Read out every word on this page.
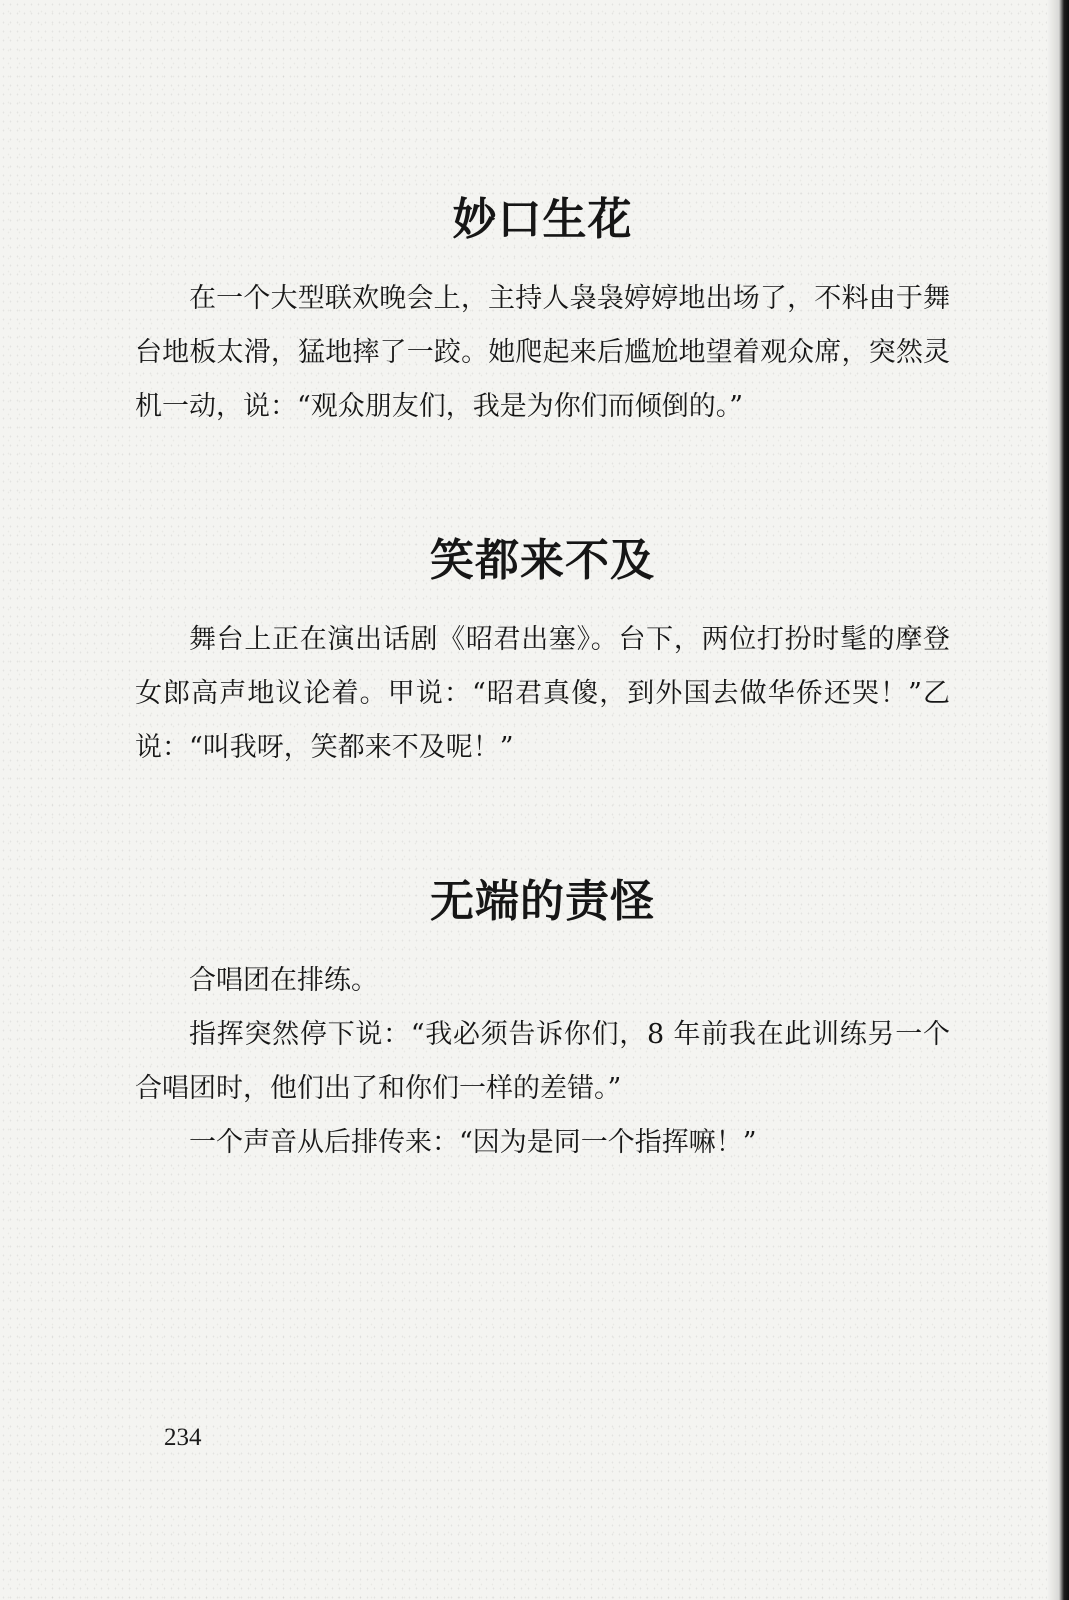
妙口生花

在一个大型联欢晚会上，主持人袅袅婷婷地出场了，不料由于舞台地板太滑，猛地摔了一跤。她爬起来后尴尬地望着观众席，突然灵机一动，说：“观众朋友们，我是为你们而倾倒的。”

笑都来不及

舞台上正在演出话剧《昭君出塞》。台下，两位打扮时髦的摩登女郎高声地议论着。甲说：“昭君真傻，到外国去做华侨还哭！”乙说：“叫我呀，笑都来不及呢！”

无端的责怪

合唱团在排练。

指挥突然停下说：“我必须告诉你们，8 年前我在此训练另一个合唱团时，他们出了和你们一样的差错。”

一个声音从后排传来：“因为是同一个指挥嘛！”

234
